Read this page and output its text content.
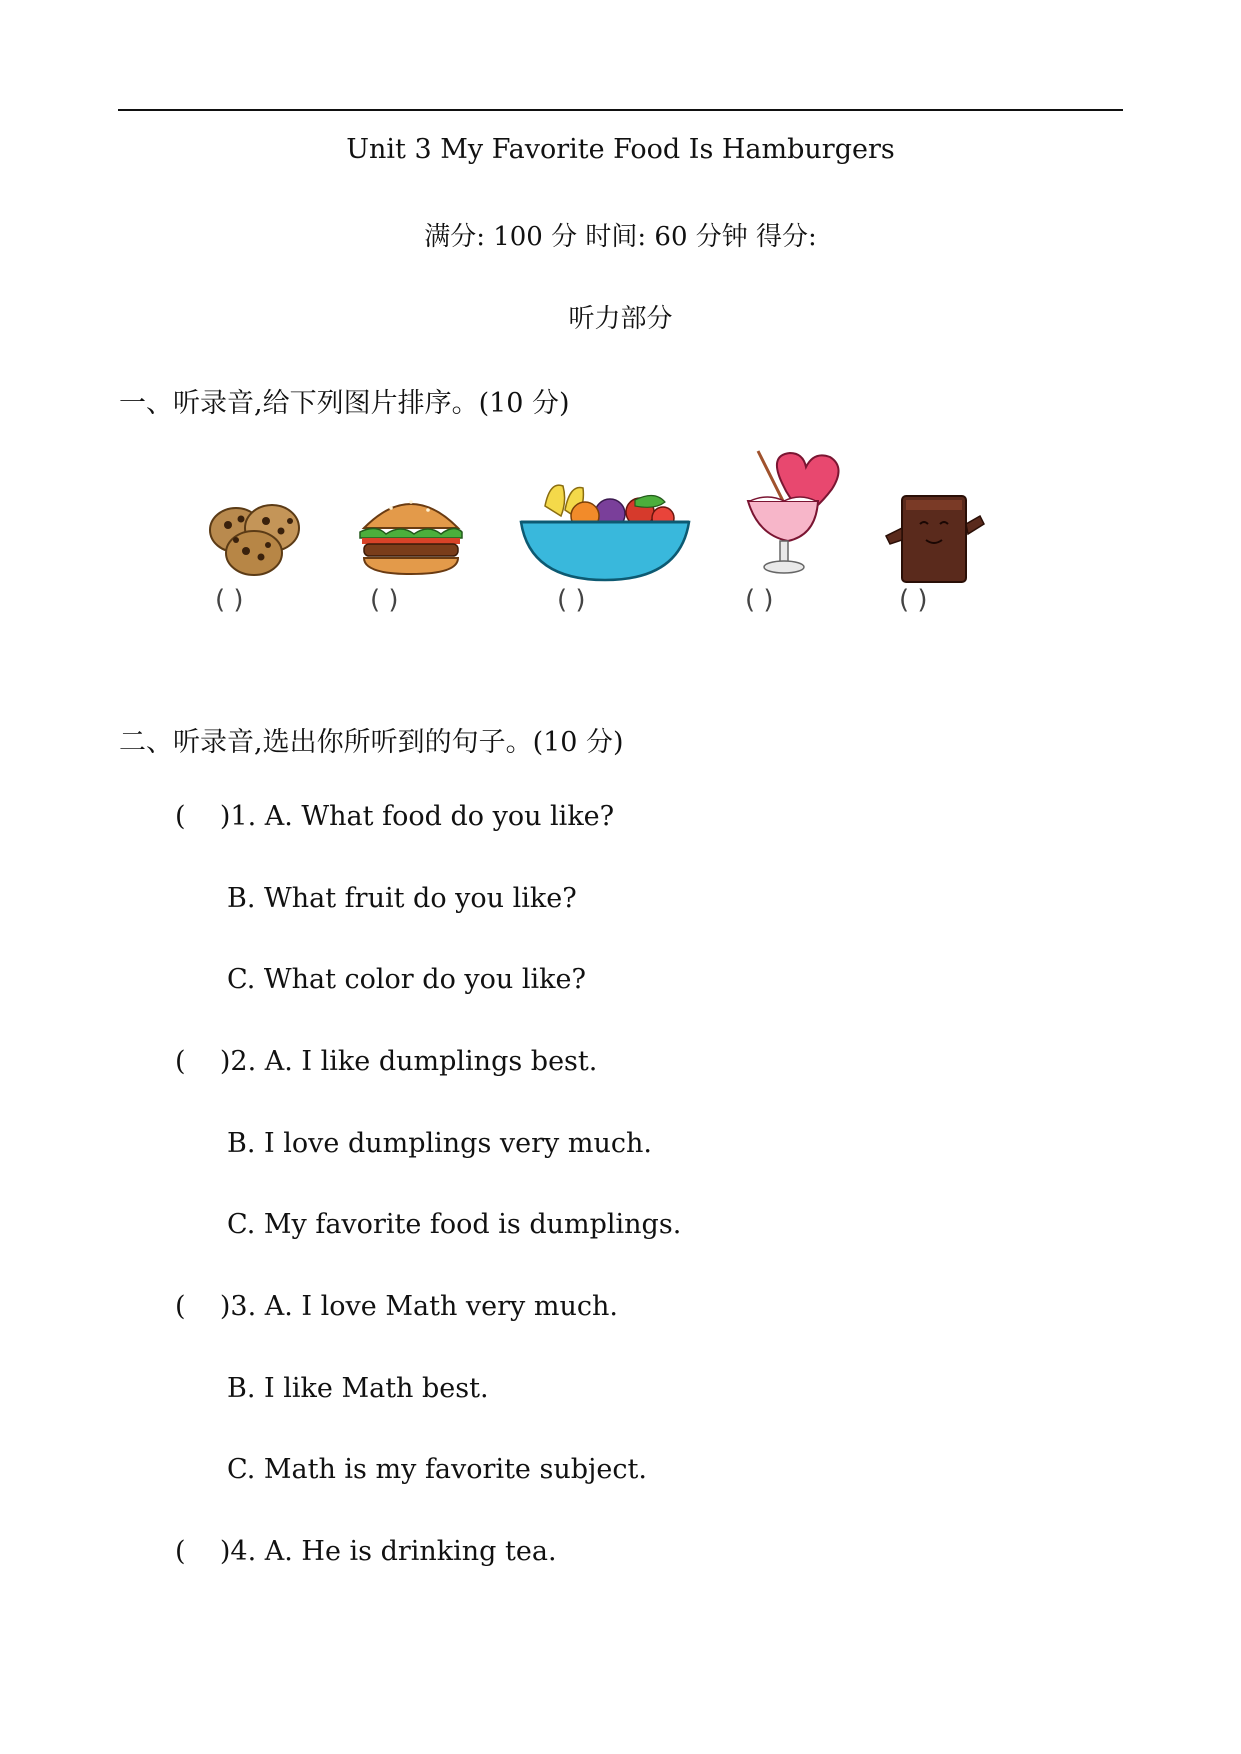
Unit 3 My Favorite Food Is Hamburgers
满分: 100 分 时间: 60 分钟 得分:
听力部分
一、听录音,给下列图片排序。(10 分)
( )	( )	( )	( )	( )
二、听录音,选出你所听到的句子。(10 分)
(    )1. A. What food do you like?
B. What fruit do you like?
C. What color do you like?
(    )2. A. I like dumplings best.
B. I love dumplings very much.
C. My favorite food is dumplings.
(    )3. A. I love Math very much.
B. I like Math best.
C. Math is my favorite subject.
(    )4. A. He is drinking tea.
